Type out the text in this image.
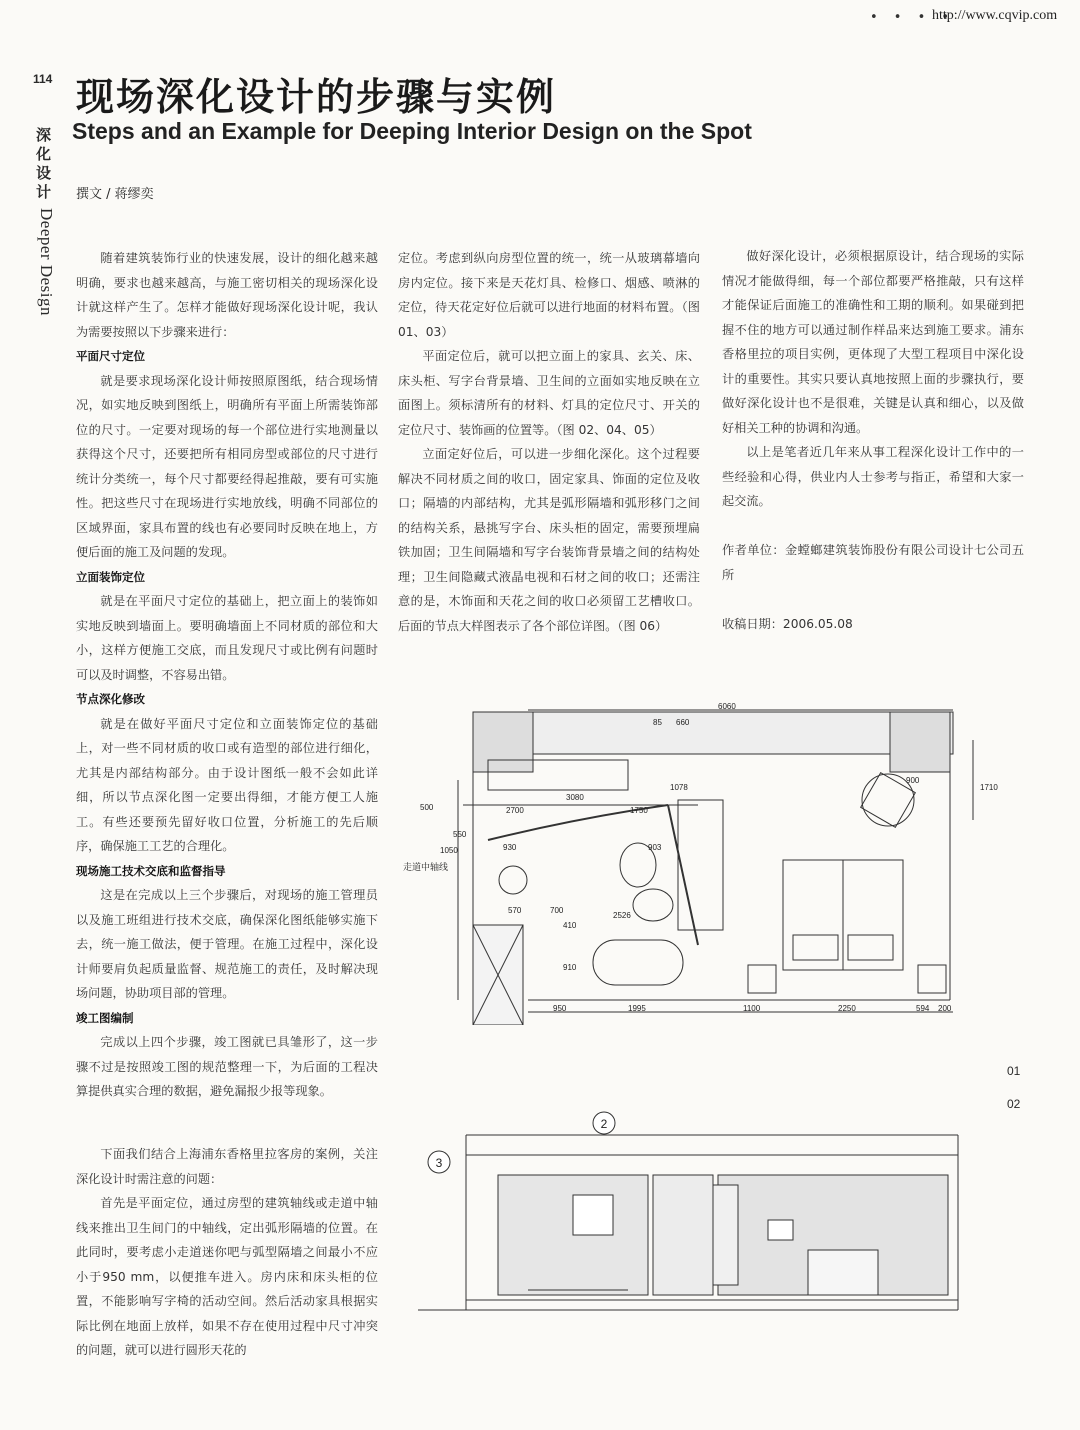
• • • •
http://www.cqvip.com
114
深
化
设
计
Deeper Design
现场深化设计的步骤与实例
Steps and an Example for Deeping Interior Design on the Spot
撰文 / 蒋缪奕

随着建筑装饰行业的快速发展，设计的细化越来越明确，要求也越来越高，与施工密切相关的现场深化设计就这样产生了。怎样才能做好现场深化设计呢，我认为需要按照以下步骤来进行：

平面尺寸定位

就是要求现场深化设计师按照原图纸，结合现场情况，如实地反映到图纸上，明确所有平面上所需装饰部位的尺寸。一定要对现场的每一个部位进行实地测量以获得这个尺寸，还要把所有相同房型或部位的尺寸进行统计分类统一，每个尺寸都要经得起推敲，要有可实施性。把这些尺寸在现场进行实地放线，明确不同部位的区域界面，家具布置的线也有必要同时反映在地上，方便后面的施工及问题的发现。

立面装饰定位

就是在平面尺寸定位的基础上，把立面上的装饰如实地反映到墙面上。要明确墙面上不同材质的部位和大小，这样方便施工交底，而且发现尺寸或比例有问题时可以及时调整，不容易出错。

节点深化修改

就是在做好平面尺寸定位和立面装饰定位的基础上，对一些不同材质的收口或有造型的部位进行细化，尤其是内部结构部分。由于设计图纸一般不会如此详细，所以节点深化图一定要出得细，才能方便工人施工。有些还要预先留好收口位置，分析施工的先后顺序，确保施工工艺的合理化。

现场施工技术交底和监督指导

这是在完成以上三个步骤后，对现场的施工管理员以及施工班组进行技术交底，确保深化图纸能够实施下去，统一施工做法，便于管理。在施工过程中，深化设计师要肩负起质量监督、规范施工的责任，及时解决现场问题，协助项目部的管理。

竣工图编制

完成以上四个步骤，竣工图就已具雏形了，这一步骤不过是按照竣工图的规范整理一下，为后面的工程决算提供真实合理的数据，避免漏报少报等现象。

下面我们结合上海浦东香格里拉客房的案例，关注深化设计时需注意的问题：

首先是平面定位，通过房型的建筑轴线或走道中轴线来推出卫生间门的中轴线，定出弧形隔墙的位置。在此同时，要考虑小走道迷你吧与弧型隔墙之间最小不应小于950 mm，以便推车进入。房内床和床头柜的位置，不能影响写字椅的活动空间。然后活动家具根据实际比例在地面上放样，如果不存在使用过程中尺寸冲突的问题，就可以进行圆形天花的

定位。考虑到纵向房型位置的统一，统一从玻璃幕墙向房内定位。接下来是天花灯具、检修口、烟感、喷淋的定位，待天花定好位后就可以进行地面的材料布置。（图 01、03）

平面定位后，就可以把立面上的家具、玄关、床、床头柜、写字台背景墙、卫生间的立面如实地反映在立面图上。须标清所有的材料、灯具的定位尺寸、开关的定位尺寸、装饰画的位置等。（图 02、04、05）

立面定好位后，可以进一步细化深化。这个过程要解决不同材质之间的收口，固定家具、饰面的定位及收口；隔墙的内部结构，尤其是弧形隔墙和弧形移门之间的结构关系，悬挑写字台、床头柜的固定，需要预埋扁铁加固；卫生间隔墙和写字台装饰背景墙之间的结构处理；卫生间隐藏式液晶电视和石材之间的收口；还需注意的是，木饰面和天花之间的收口必须留工艺槽收口。后面的节点大样图表示了各个部位详图。（图 06）

做好深化设计，必须根据原设计，结合现场的实际情况才能做得细，每一个部位都要严格推敲，只有这样才能保证后面施工的准确性和工期的顺利。如果碰到把握不住的地方可以通过制作样品来达到施工要求。浦东香格里拉的项目实例，更体现了大型工程项目中深化设计的重要性。其实只要认真地按照上面的步骤执行，要做好深化设计也不是很难，关键是认真和细心，以及做好相关工种的协调和沟通。

以上是笔者近几年来从事工程深化设计工作中的一些经验和心得，供业内人士参考与指正，希望和大家一起交流。

作者单位：金螳螂建筑装饰股份有限公司设计七公司五所

收稿日期：2006.05.08

6060
85 660
500	2700
3080
1750
550
1050	930
700
570
910
410
950	1995	1100	2250	594 200
900
1710
1078
2526
903
走道中轴线
01
02
2
3
